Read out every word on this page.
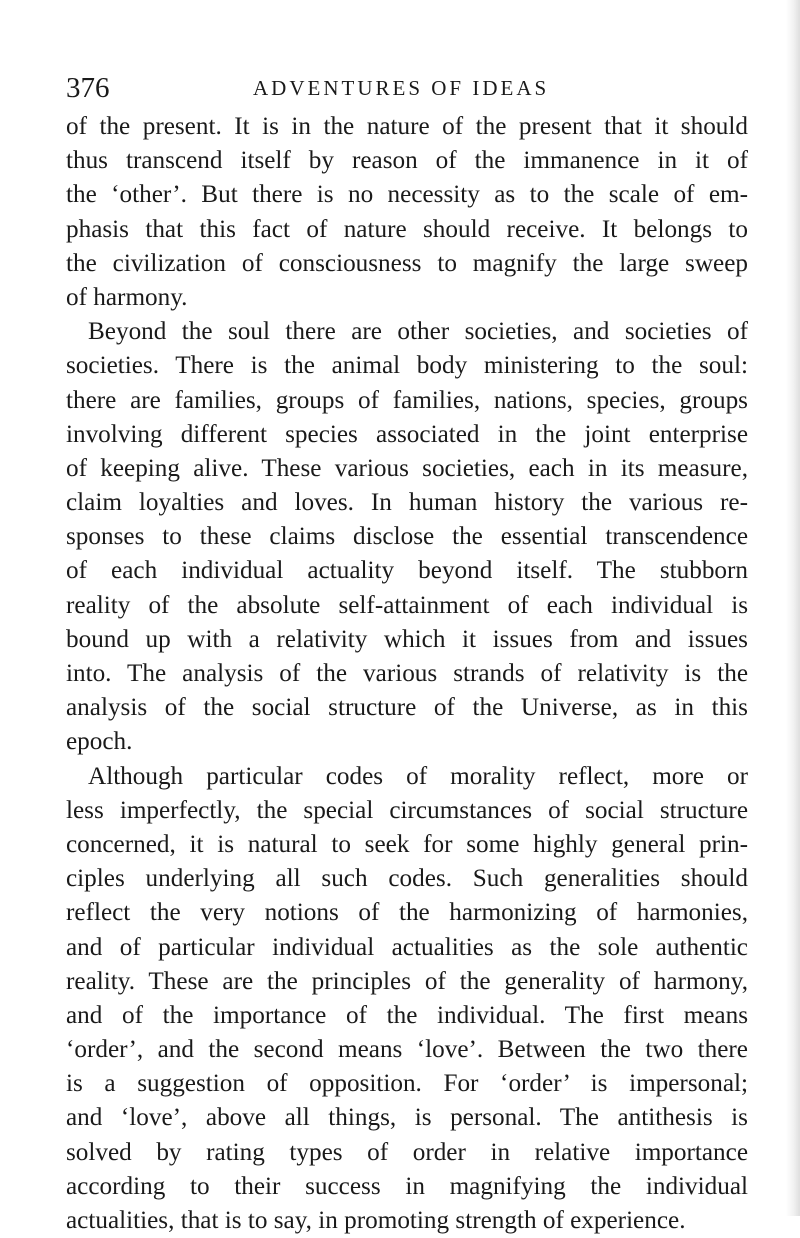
376	ADVENTURES OF IDEAS
of the present. It is in the nature of the present that it should
thus transcend itself by reason of the immanence in it of
the ‘other’. But there is no necessity as to the scale of em-
phasis that this fact of nature should receive. It belongs to
the civilization of consciousness to magnify the large sweep
of harmony.
Beyond the soul there are other societies, and societies of
societies. There is the animal body ministering to the soul:
there are families, groups of families, nations, species, groups
involving different species associated in the joint enterprise
of keeping alive. These various societies, each in its measure,
claim loyalties and loves. In human history the various re-
sponses to these claims disclose the essential transcendence
of each individual actuality beyond itself. The stubborn
reality of the absolute self-attainment of each individual is
bound up with a relativity which it issues from and issues
into. The analysis of the various strands of relativity is the
analysis of the social structure of the Universe, as in this
epoch.
Although particular codes of morality reflect, more or
less imperfectly, the special circumstances of social structure
concerned, it is natural to seek for some highly general prin-
ciples underlying all such codes. Such generalities should
reflect the very notions of the harmonizing of harmonies,
and of particular individual actualities as the sole authentic
reality. These are the principles of the generality of harmony,
and of the importance of the individual. The first means
‘order’, and the second means ‘love’. Between the two there
is a suggestion of opposition. For ‘order’ is impersonal;
and ‘love’, above all things, is personal. The antithesis is
solved by rating types of order in relative importance
according to their success in magnifying the individual
actualities, that is to say, in promoting strength of experience.
